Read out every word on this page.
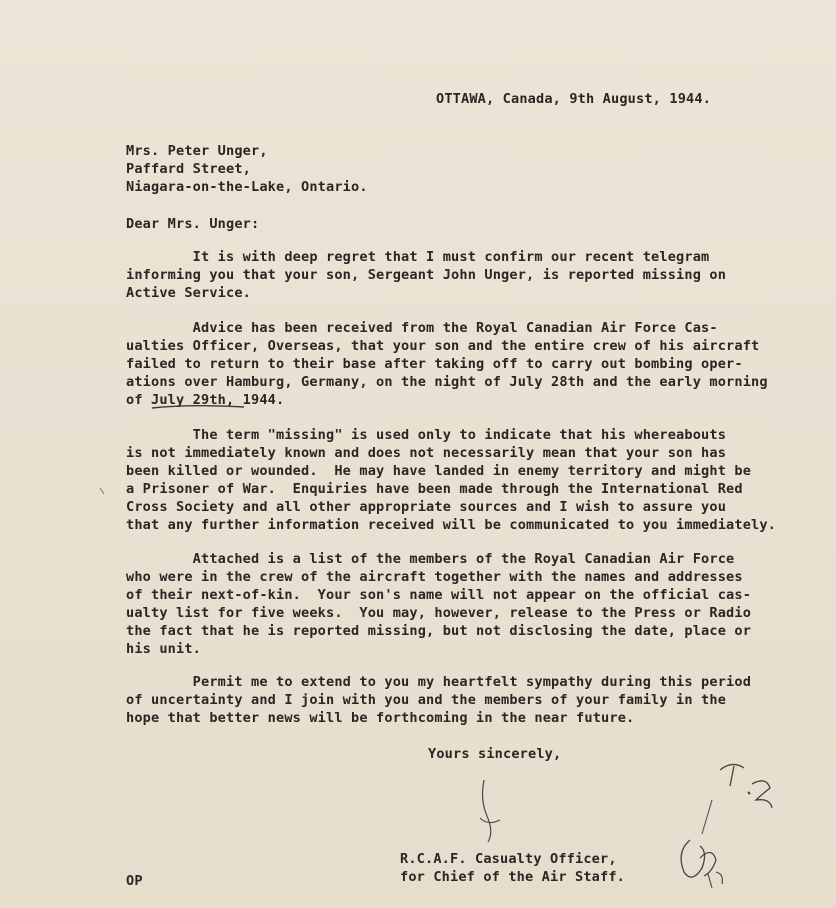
OTTAWA, Canada, 9th August, 1944.
Mrs. Peter Unger,
Paffard Street,
Niagara-on-the-Lake, Ontario.
Dear Mrs. Unger:
It is with deep regret that I must confirm our recent telegram
informing you that your son, Sergeant John Unger, is reported missing on
Active Service.
Advice has been received from the Royal Canadian Air Force Cas-
ualties Officer, Overseas, that your son and the entire crew of his aircraft
failed to return to their base after taking off to carry out bombing oper-
ations over Hamburg, Germany, on the night of July 28th and the early morning
of July 29th, 1944.
The term "missing" is used only to indicate that his whereabouts
is not immediately known and does not necessarily mean that your son has
been killed or wounded.  He may have landed in enemy territory and might be
a Prisoner of War.  Enquiries have been made through the International Red
Cross Society and all other appropriate sources and I wish to assure you
that any further information received will be communicated to you immediately.
Attached is a list of the members of the Royal Canadian Air Force
who were in the crew of the aircraft together with the names and addresses
of their next-of-kin.  Your son's name will not appear on the official cas-
ualty list for five weeks.  You may, however, release to the Press or Radio
the fact that he is reported missing, but not disclosing the date, place or
his unit.
Permit me to extend to you my heartfelt sympathy during this period
of uncertainty and I join with you and the members of your family in the
hope that better news will be forthcoming in the near future.
Yours sincerely,
R.C.A.F. Casualty Officer,
for Chief of the Air Staff.
OP
